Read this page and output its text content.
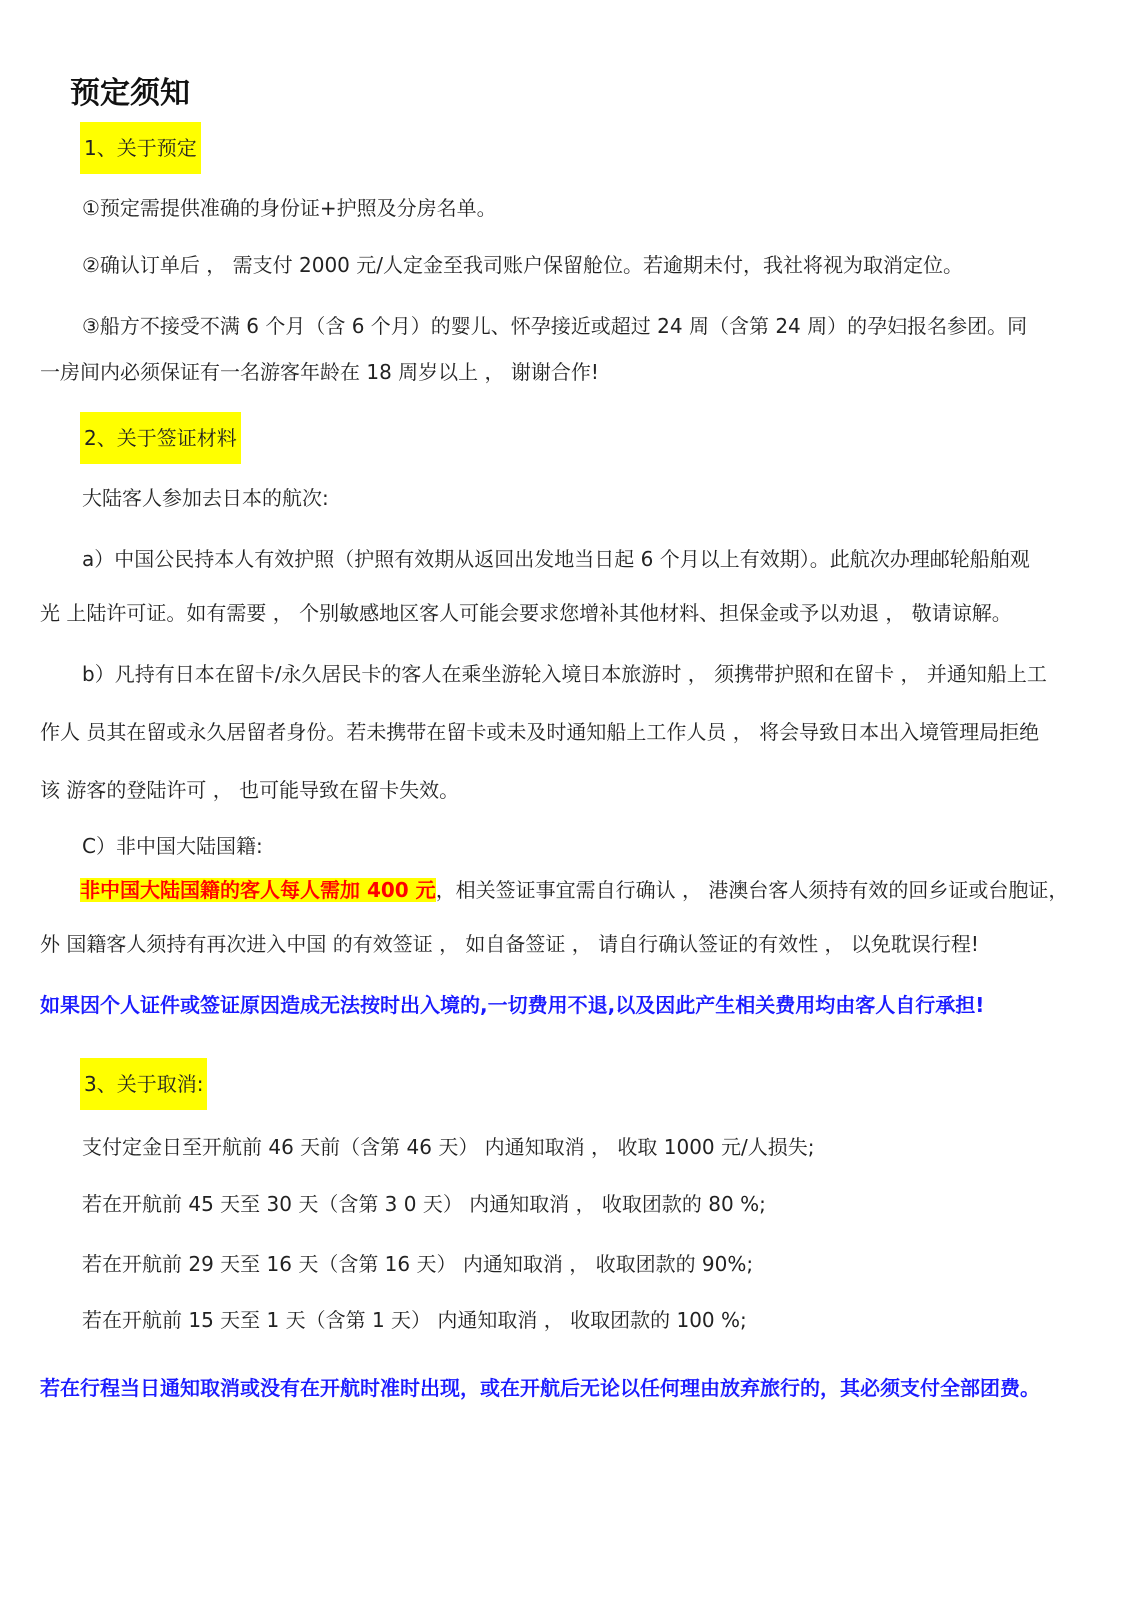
预定须知
1、关于预定
①预定需提供准确的身份证+护照及分房名单。
②确认订单后 ， 需支付 2000 元/人定金至我司账户保留舱位。若逾期未付，我社将视为取消定位。
③船方不接受不满 6 个月（含 6 个月）的婴儿、怀孕接近或超过 24 周（含第 24 周）的孕妇报名参团。同
一房间内必须保证有一名游客年龄在 18 周岁以上 ， 谢谢合作!
2、关于签证材料
大陆客人参加去日本的航次:
a）中国公民持本人有效护照（护照有效期从返回出发地当日起 6 个月以上有效期）。此航次办理邮轮船舶观
光 上陆许可证。如有需要 ， 个别敏感地区客人可能会要求您增补其他材料、担保金或予以劝退 ， 敬请谅解。
b）凡持有日本在留卡/永久居民卡的客人在乘坐游轮入境日本旅游时 ， 须携带护照和在留卡 ， 并通知船上工
作人 员其在留或永久居留者身份。若未携带在留卡或未及时通知船上工作人员 ， 将会导致日本出入境管理局拒绝
该 游客的登陆许可 ， 也可能导致在留卡失效。
C）非中国大陆国籍:
非中国大陆国籍的客人每人需加 400 元，相关签证事宜需自行确认 ， 港澳台客人须持有效的回乡证或台胞证，
外 国籍客人须持有再次进入中国 的有效签证 ， 如自备签证 ， 请自行确认签证的有效性 ， 以免耽误行程!
如果因个人证件或签证原因造成无法按时出入境的,一切费用不退,以及因此产生相关费用均由客人自行承担!
3、关于取消:
支付定金日至开航前 46 天前（含第 46 天） 内通知取消 ， 收取 1000 元/人损失;
若在开航前 45 天至 30 天（含第 3 0 天） 内通知取消 ， 收取团款的 80 %;
若在开航前 29 天至 16 天（含第 16 天） 内通知取消 ， 收取团款的 90%;
若在开航前 15 天至 1 天（含第 1 天） 内通知取消 ， 收取团款的 100 %;
若在行程当日通知取消或没有在开航时准时出现，或在开航后无论以任何理由放弃旅行的，其必须支付全部团费。
